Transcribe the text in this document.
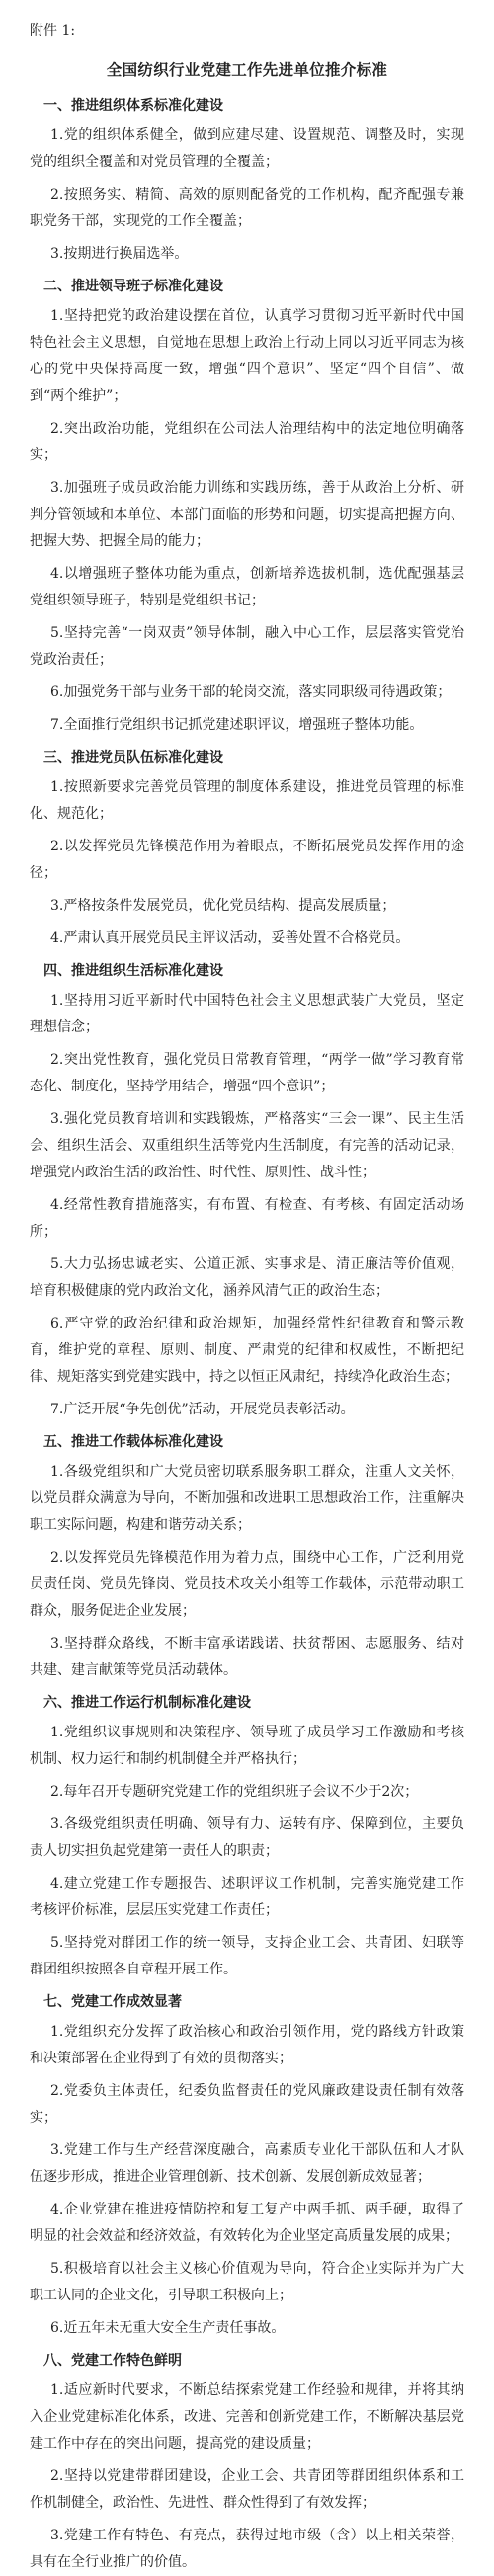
附件 1:
全国纺织行业党建工作先进单位推介标准
一、推进组织体系标准化建设
1.党的组织体系健全，做到应建尽建、设置规范、调整及时，实现党的组织全覆盖和对党员管理的全覆盖；
2.按照务实、精简、高效的原则配备党的工作机构，配齐配强专兼职党务干部，实现党的工作全覆盖；
3.按期进行换届选举。
二、推进领导班子标准化建设
1.坚持把党的政治建设摆在首位，认真学习贯彻习近平新时代中国特色社会主义思想，自觉地在思想上政治上行动上同以习近平同志为核心的党中央保持高度一致，增强“四个意识”、坚定“四个自信”、做到“两个维护”；
2.突出政治功能，党组织在公司法人治理结构中的法定地位明确落实；
3.加强班子成员政治能力训练和实践历练，善于从政治上分析、研判分管领域和本单位、本部门面临的形势和问题，切实提高把握方向、把握大势、把握全局的能力；
4.以增强班子整体功能为重点，创新培养选拔机制，选优配强基层党组织领导班子，特别是党组织书记；
5.坚持完善“一岗双责”领导体制，融入中心工作，层层落实管党治党政治责任；
6.加强党务干部与业务干部的轮岗交流，落实同职级同待遇政策；
7.全面推行党组织书记抓党建述职评议，增强班子整体功能。
三、推进党员队伍标准化建设
1.按照新要求完善党员管理的制度体系建设，推进党员管理的标准化、规范化；
2.以发挥党员先锋模范作用为着眼点，不断拓展党员发挥作用的途径；
3.严格按条件发展党员，优化党员结构、提高发展质量；
4.严肃认真开展党员民主评议活动，妥善处置不合格党员。
四、推进组织生活标准化建设
1.坚持用习近平新时代中国特色社会主义思想武装广大党员，坚定理想信念；
2.突出党性教育，强化党员日常教育管理，“两学一做”学习教育常态化、制度化，坚持学用结合，增强“四个意识”；
3.强化党员教育培训和实践锻炼，严格落实“三会一课”、民主生活会、组织生活会、双重组织生活等党内生活制度，有完善的活动记录，增强党内政治生活的政治性、时代性、原则性、战斗性；
4.经常性教育措施落实，有布置、有检查、有考核、有固定活动场所；
5.大力弘扬忠诚老实、公道正派、实事求是、清正廉洁等价值观，培育积极健康的党内政治文化，涵养风清气正的政治生态；
6.严守党的政治纪律和政治规矩，加强经常性纪律教育和警示教育，维护党的章程、原则、制度、严肃党的纪律和权威性，不断把纪律、规矩落实到党建实践中，持之以恒正风肃纪，持续净化政治生态；
7.广泛开展“争先创优”活动，开展党员表彰活动。
五、推进工作载体标准化建设
1.各级党组织和广大党员密切联系服务职工群众，注重人文关怀，以党员群众满意为导向，不断加强和改进职工思想政治工作，注重解决职工实际问题，构建和谐劳动关系；
2.以发挥党员先锋模范作用为着力点，围绕中心工作，广泛利用党员责任岗、党员先锋岗、党员技术攻关小组等工作载体，示范带动职工群众，服务促进企业发展；
3.坚持群众路线，不断丰富承诺践诺、扶贫帮困、志愿服务、结对共建、建言献策等党员活动载体。
六、推进工作运行机制标准化建设
1.党组织议事规则和决策程序、领导班子成员学习工作激励和考核机制、权力运行和制约机制健全并严格执行；
2.每年召开专题研究党建工作的党组织班子会议不少于2次；
3.各级党组织责任明确、领导有力、运转有序、保障到位，主要负责人切实担负起党建第一责任人的职责；
4.建立党建工作专题报告、述职评议工作机制，完善实施党建工作考核评价标准，层层压实党建工作责任；
5.坚持党对群团工作的统一领导，支持企业工会、共青团、妇联等群团组织按照各自章程开展工作。
七、党建工作成效显著
1.党组织充分发挥了政治核心和政治引领作用，党的路线方针政策和决策部署在企业得到了有效的贯彻落实；
2.党委负主体责任，纪委负监督责任的党风廉政建设责任制有效落实；
3.党建工作与生产经营深度融合，高素质专业化干部队伍和人才队伍逐步形成，推进企业管理创新、技术创新、发展创新成效显著；
4.企业党建在推进疫情防控和复工复产中两手抓、两手硬，取得了明显的社会效益和经济效益，有效转化为企业坚定高质量发展的成果；
5.积极培育以社会主义核心价值观为导向，符合企业实际并为广大职工认同的企业文化，引导职工积极向上；
6.近五年未无重大安全生产责任事故。
八、党建工作特色鲜明
1.适应新时代要求，不断总结探索党建工作经验和规律，并将其纳入企业党建标准化体系，改进、完善和创新党建工作，不断解决基层党建工作中存在的突出问题，提高党的建设质量；
2.坚持以党建带群团建设，企业工会、共青团等群团组织体系和工作机制健全，政治性、先进性、群众性得到了有效发挥；
3.党建工作有特色、有亮点，获得过地市级（含）以上相关荣誉，具有在全行业推广的价值。
